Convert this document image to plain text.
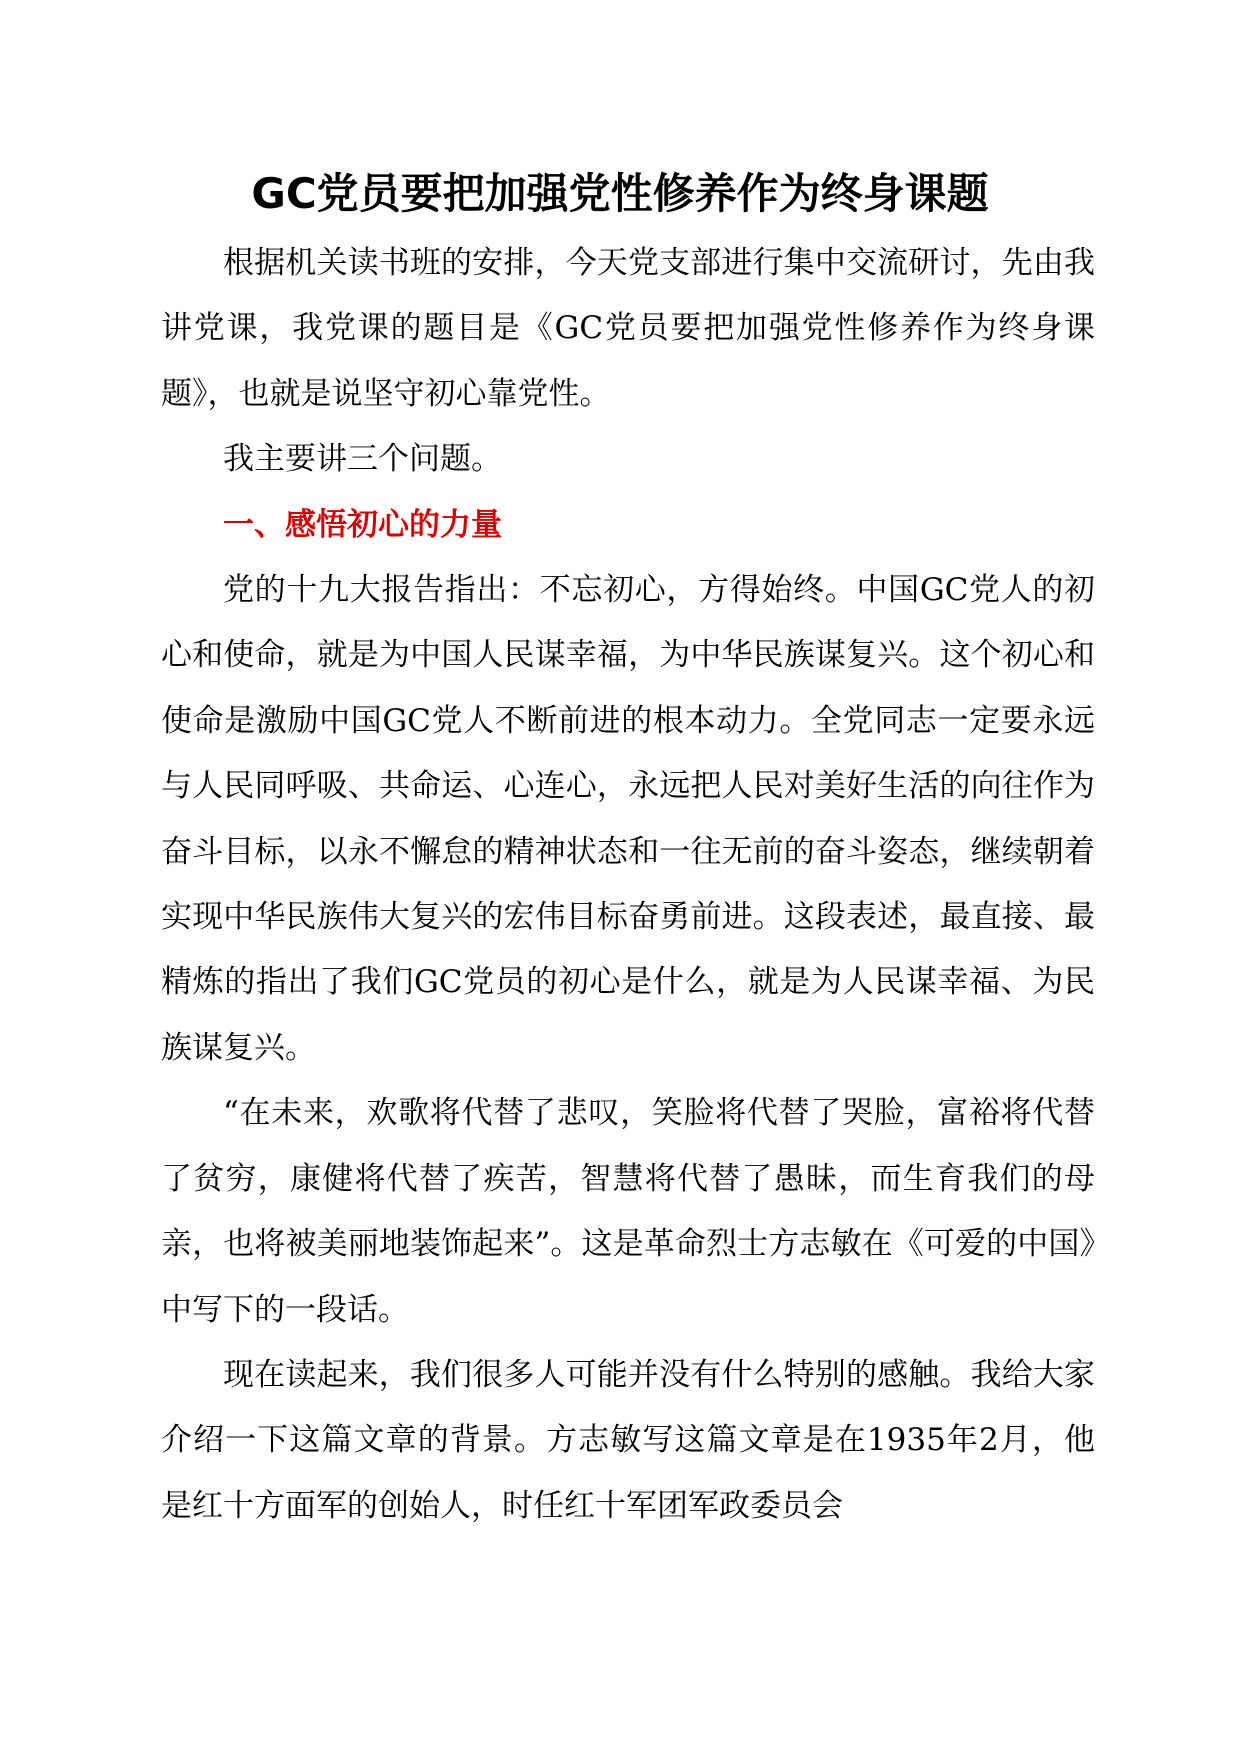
GC党员要把加强党性修养作为终身课题

根据机关读书班的安排，今天党支部进行集中交流研讨，先由我讲党课，我党课的题目是《GC党员要把加强党性修养作为终身课题》，也就是说坚守初心靠党性。

我主要讲三个问题。

一、感悟初心的力量

党的十九大报告指出：不忘初心，方得始终。中国GC党人的初心和使命，就是为中国人民谋幸福，为中华民族谋复兴。这个初心和使命是激励中国GC党人不断前进的根本动力。全党同志一定要永远与人民同呼吸、共命运、心连心，永远把人民对美好生活的向往作为奋斗目标，以永不懈怠的精神状态和一往无前的奋斗姿态，继续朝着实现中华民族伟大复兴的宏伟目标奋勇前进。这段表述，最直接、最精炼的指出了我们GC党员的初心是什么，就是为人民谋幸福、为民族谋复兴。

“在未来，欢歌将代替了悲叹，笑脸将代替了哭脸，富裕将代替了贫穷，康健将代替了疾苦，智慧将代替了愚昧，而生育我们的母亲，也将被美丽地装饰起来”。这是革命烈士方志敏在《可爱的中国》中写下的一段话。

现在读起来，我们很多人可能并没有什么特别的感触。我给大家介绍一下这篇文章的背景。方志敏写这篇文章是在1935年2月，他是红十方面军的创始人，时任红十军团军政委员会
